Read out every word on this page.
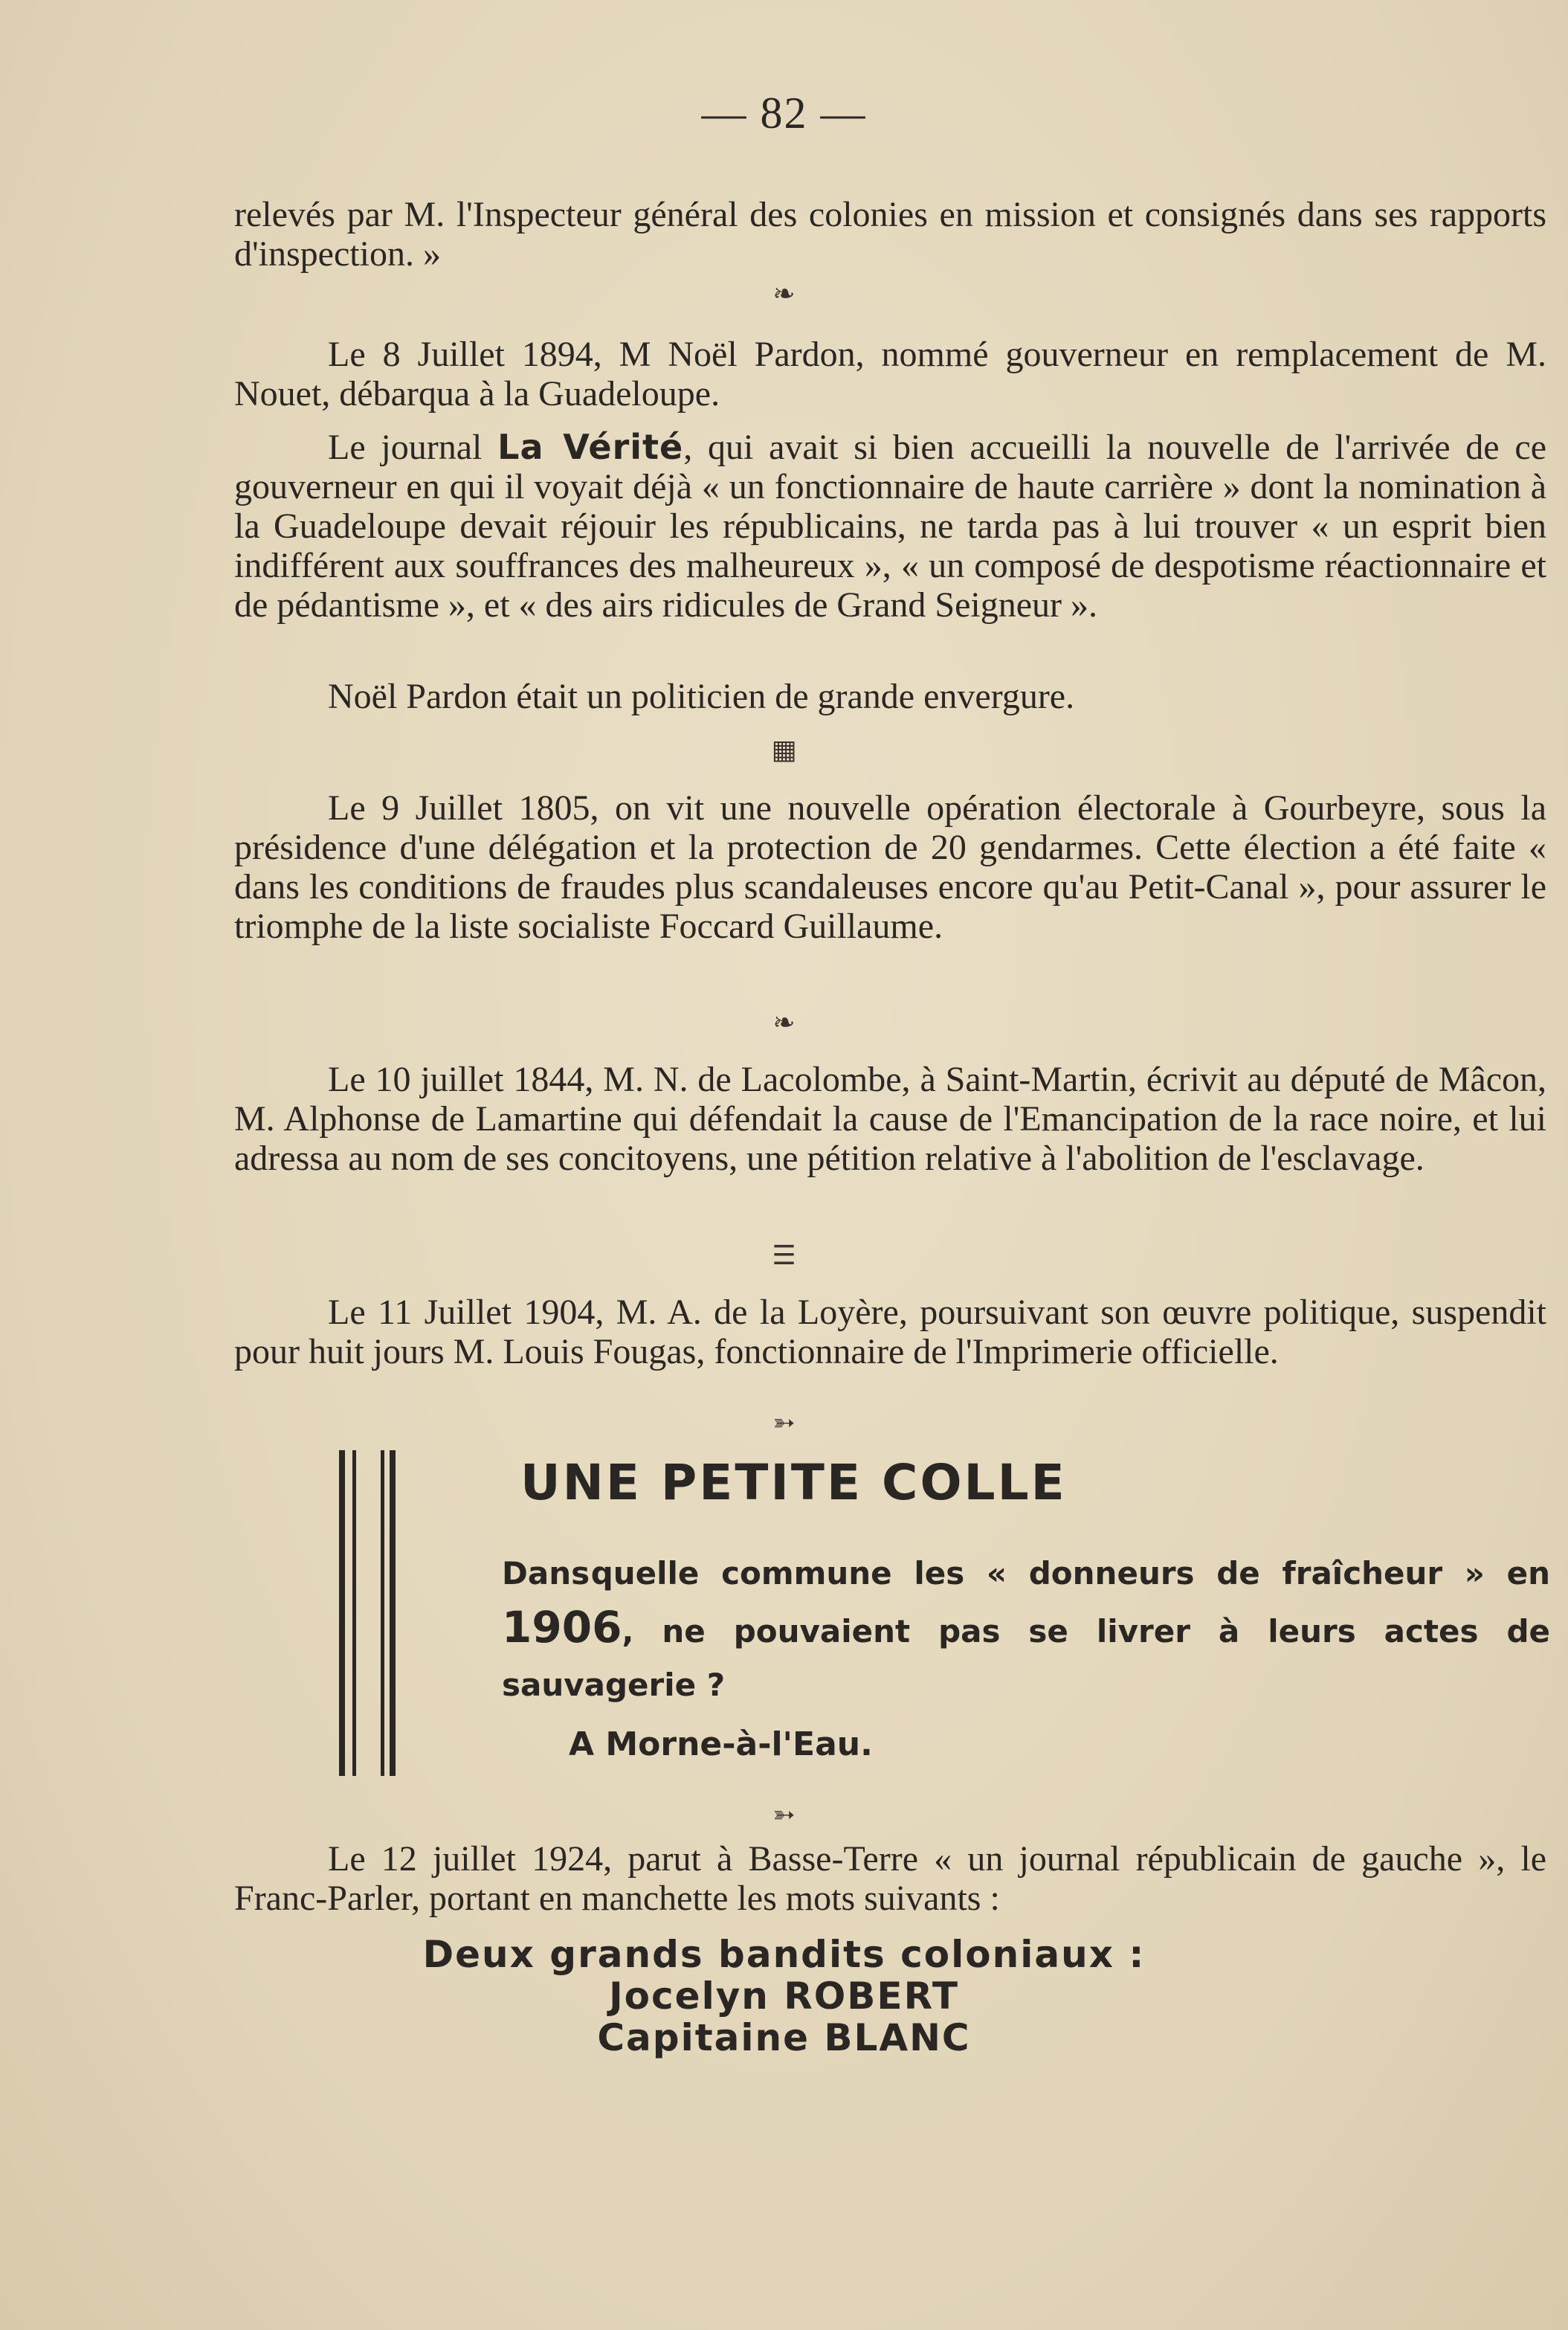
— 82 —

relevés par M. l'Inspecteur général des colonies en mission et consignés dans ses rapports d'inspection. »

❧

Le 8 Juillet 1894, M Noël Pardon, nommé gouverneur en remplacement de M. Nouet, débarqua à la Guadeloupe.

Le journal La Vérité, qui avait si bien accueilli la nouvelle de l'arrivée de ce gouverneur en qui il voyait déjà « un fonctionnaire de haute carrière » dont la nomination à la Guadeloupe devait réjouir les républicains, ne tarda pas à lui trouver « un esprit bien indifférent aux souffrances des malheureux », « un composé de despotisme réactionnaire et de pédantisme », et « des airs ridicules de Grand Seigneur ».

Noël Pardon était un politicien de grande envergure.

▦

Le 9 Juillet 1805, on vit une nouvelle opération électorale à Gourbeyre, sous la présidence d'une délégation et la protection de 20 gendarmes. Cette élection a été faite « dans les conditions de fraudes plus scandaleuses encore qu'au Petit-Canal », pour assurer le triomphe de la liste socialiste Foccard Guillaume.

❧

Le 10 juillet 1844, M. N. de Lacolombe, à Saint-Martin, écrivit au député de Mâcon, M. Alphonse de Lamartine qui défendait la cause de l'Emancipation de la race noire, et lui adressa au nom de ses concitoyens, une pétition relative à l'abolition de l'esclavage.

☰

Le 11 Juillet 1904, M. A. de la Loyère, poursuivant son œuvre politique, suspendit pour huit jours M. Louis Fougas, fonctionnaire de l'Imprimerie officielle.

➳
UNE PETITE COLLE

Dans quelle commune les « donneurs de fraîcheur » en 1906, ne pouvaient pas se livrer à leurs actes de sauvagerie ?

A Morne-à-l'Eau.
➳

Le 12 juillet 1924, parut à Basse-Terre « un journal républicain de gauche », le Franc-Parler, portant en manchette les mots suivants :

Deux grands bandits coloniaux :
Jocelyn ROBERT
Capitaine BLANC
